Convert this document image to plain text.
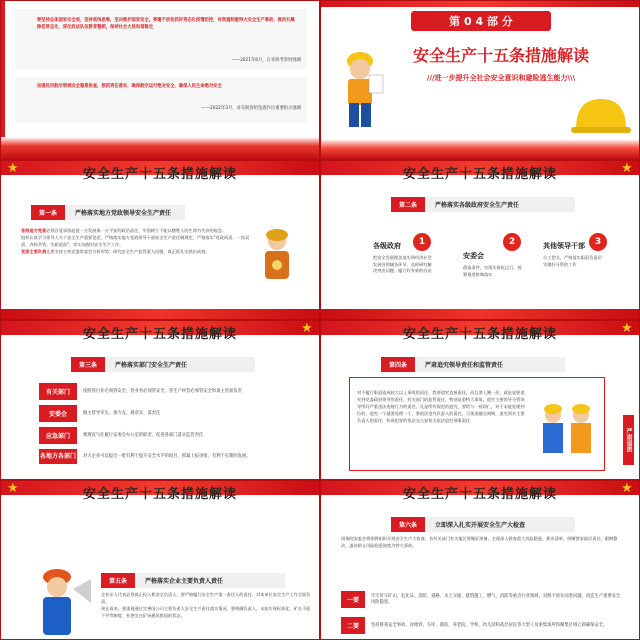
要坚持总体国家安全观，坚持底线思维，坚决维护国家安全。要毫不放松抓好常态化疫情防控，有效遏制重特大安全生产事故，推动扫黑除恶常态化，深化政法队伍教育整顿，保持社会大局和谐稳定
——2021年6月，在青海考察时强调
加强民用航空领域安全隐患排查，狠抓责任落实，确保航空运行绝对安全，确保人民生命绝对安全
——2022年3月，对东航客机坠毁作出重要指示强调
第 0 4 部 分
安全生产十五条措施解读
///进一步提升全社会安全意识和避险逃生能力\\\
★	安全生产十五条措施解读
第一条	严格落实地方党政领导安全生产责任
各级地方党委必须自觉承担起促一方发展保一方平安的政治责任，牢固树立不能以牺牲人的生命为代价的观念。
组织认真学习领导人关于安全生产重要论述，严格落实地方党政领导干部安全生产责任制规定，严格落实"党政同责、一岗双责、齐抓共管、失职追责"，切实加强对安全生产工作。
党委主要负责人要支持主持党委常委会分析形势，研究安全生产监管重大问题，真正抓扎实抓出成效。
★
安全生产十五条措施解读
第二条	严格落实各级政府安全生产责任
1
各级政府
把安全发展理念落实到经济社会发展各领域各环节，及时研究解决突出问题，履行好有效的办法
2
安委会
创造条件，实现实体化运行，统筹推进协调落实
3
其他领导干部
分工把关，严格落实职责负责切实做好分管的工作
★
安全生产十五条措施解读
第三条	严格落实部门安全生产责任
有关部门	按照管行业必须管安全、管业务必须管安全、管生产经营必须管安全和谁主管谁负责
安委会	做主督导牵头、推力充、规章实、落责任
应急部门	要理直气壮履行安委会办公室的职责，促进各部门落实监管责任
各地方各部门 对大企业可以提出一批有利于提升安全水平的项目，抓紧上报审批，有利于长期的发展。
★
安全生产十五条措施解读
第四条	严肃追究领导责任和监管责任
对不履行职责造成较大以上事故的责任，我要追究直接责任，而且要上溯一层，就是说要追究到党委政府领导的责任，有关部门的监管责任，特别是重特大事故，追究主要领导分管领导所问严重违法违规行为的责任，凡是所有规范的追究，要给与一视同仁，对于未能处理到位的，追究一个就要处理一个，要依法追究负责人的责任，可视金融交到期，追究到乡主要负责人的责任，构成犯罪的依法交公安机关依法追究刑事责任
严肃追责
★	安全生产十五条措施解读
第五条	严格落实企业主要负责人责任
企业法人代表必须真正投入抓安全负责人，要严格履行安全生产第一责任人的责任，对本单位安全生产工作全面负责。
现在看来，要重视通过完善国公司主要负责人安全生产责任落实情况，要明确负责人，未能实现标准化，矿长不能下井等制度，杜绝坐在矿场通讯错误的状态。
★
安全生产十五条措施解读
第六条	立即深入扎实开展安全生产大检查
国务院安委会将即将组织开展安全生产大检查，各有关部门有关地区要做好准备，全面深入排查重大风险隐患，抓出清单，明晰要求最后责任，限期整改，逐决防止风险隐患演变为特大事故。
一要
牢牢盯守矿山、危化品、消防、道路、水上交通、建筑施工、燃气、消防等重点行业领域，对照不放在同类问题，改造生产重要安全风险隐患。
二要	坚持排查安全事故，对地铁、车库、联防、养老院、学校、幼儿园和高层居民等大型人员密集场所和聚集区域立即确保安全。
